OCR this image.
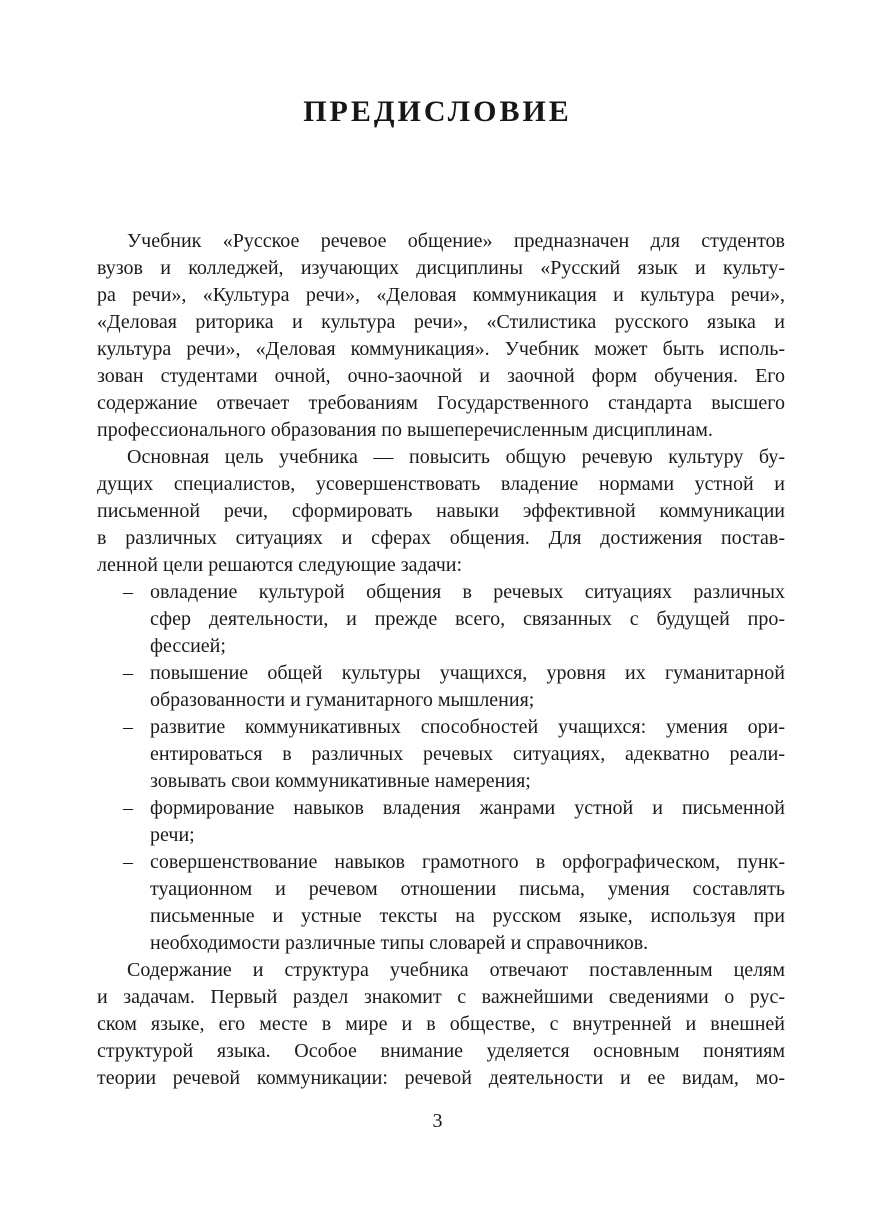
ПРЕДИСЛОВИЕ
Учебник «Русское речевое общение» предназначен для студентов
вузов и колледжей, изучающих дисциплины «Русский язык и культу-
ра речи», «Культура речи», «Деловая коммуникация и культура речи»,
«Деловая риторика и культура речи», «Стилистика русского языка и
культура речи», «Деловая коммуникация». Учебник может быть исполь-
зован студентами очной, очно-заочной и заочной форм обучения. Его
содержание отвечает требованиям Государственного стандарта высшего
профессионального образования по вышеперечисленным дисциплинам.
Основная цель учебника — повысить общую речевую культуру бу-
дущих специалистов, усовершенствовать владение нормами устной и
письменной речи, сформировать навыки эффективной коммуникации
в различных ситуациях и сферах общения. Для достижения постав-
ленной цели решаются следующие задачи:
– овладение культурой общения в речевых ситуациях различных
сфер деятельности, и прежде всего, связанных с будущей про-
фессией;
– повышение общей культуры учащихся, уровня их гуманитарной
образованности и гуманитарного мышления;
– развитие коммуникативных способностей учащихся: умения ори-
ентироваться в различных речевых ситуациях, адекватно реали-
зовывать свои коммуникативные намерения;
– формирование навыков владения жанрами устной и письменной
речи;
– совершенствование навыков грамотного в орфографическом, пунк-
туационном и речевом отношении письма, умения составлять
письменные и устные тексты на русском языке, используя при
необходимости различные типы словарей и справочников.
Содержание и структура учебника отвечают поставленным целям
и задачам. Первый раздел знакомит с важнейшими сведениями о рус-
ском языке, его месте в мире и в обществе, с внутренней и внешней
структурой языка. Особое внимание уделяется основным понятиям
теории речевой коммуникации: речевой деятельности и ее видам, мо-
3
